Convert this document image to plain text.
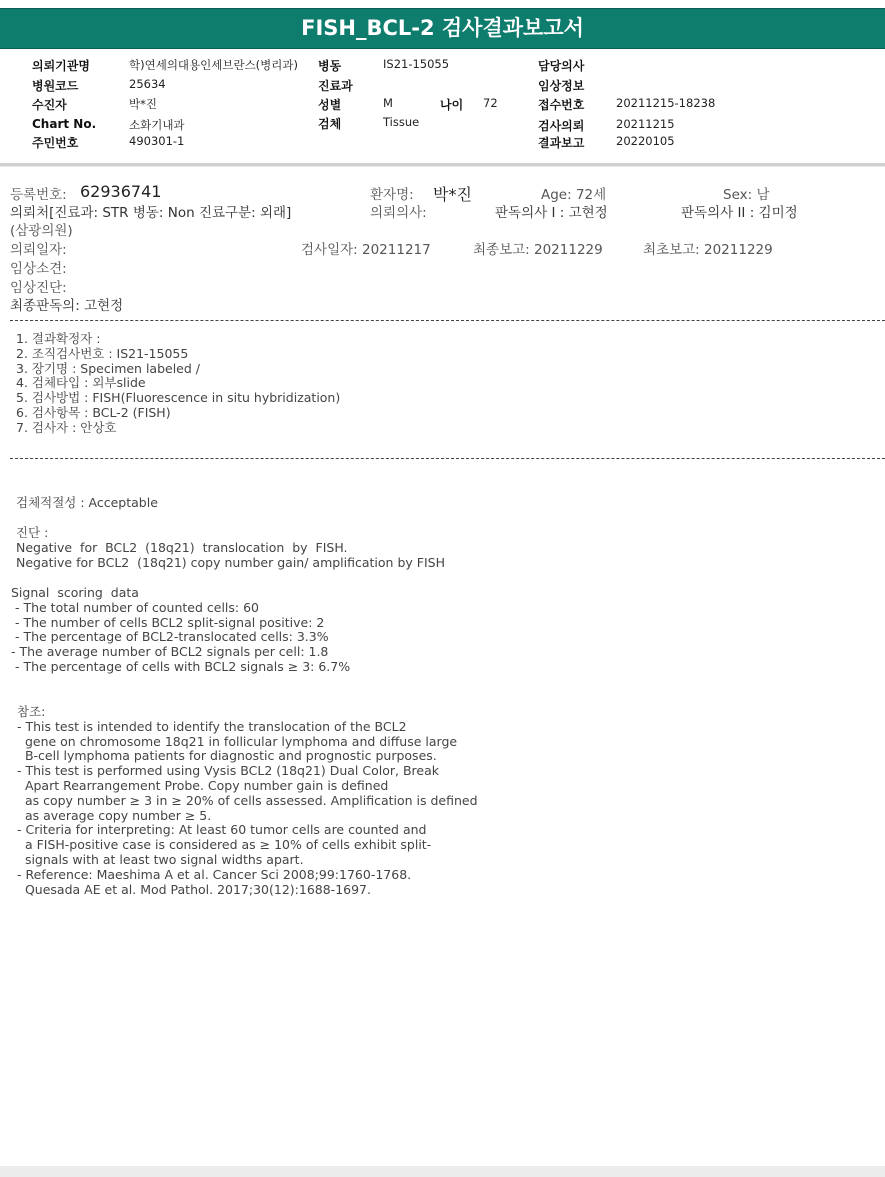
FISH_BCL-2 검사결과보고서
의뢰기관명	학)연세의대용인세브란스(병리과) 병동	IS21-15055	담당의사
병원코드	25634	진료과	임상정보
수진자	박*진	성별	M	나이 72	접수번호	20211215-18238
Chart No.	소화기내과	검체	Tissue	검사의뢰	20211215
주민번호	490301-1	결과보고	20220105
등록번호: 62936741	환자명: 박*진	Age: 72세	Sex: 남
의뢰처[진료과: STR 병동: Non 진료구분: 외래]	의뢰의사:	판독의사 I : 고현정	판독의사 II : 김미정
(삼광의원)
의뢰일자:	검사일자: 20211217	최종보고: 20211229	최초보고: 20211229
임상소견:
임상진단:
최종판독의: 고현정
1. 결과확정자 :
2. 조직검사번호 : IS21-15055
3. 장기명 : Specimen labeled /
4. 검체타입 : 외부slide
5. 검사방법 : FISH(Fluorescence in situ hybridization)
6. 검사항목 : BCL-2 (FISH)
7. 검사자 : 안상호
검체적절성 : Acceptable
진단 :
Negative  for  BCL2  (18q21)  translocation  by  FISH.
Negative for BCL2  (18q21) copy number gain/ amplification by FISH
Signal  scoring  data
- The total number of counted cells: 60
- The number of cells BCL2 split-signal positive: 2
- The percentage of BCL2-translocated cells: 3.3%
- The average number of BCL2 signals per cell: 1.8
- The percentage of cells with BCL2 signals ≥ 3: 6.7%
참조:
- This test is intended to identify the translocation of the BCL2
gene on chromosome 18q21 in follicular lymphoma and diffuse large
B-cell lymphoma patients for diagnostic and prognostic purposes.
- This test is performed using Vysis BCL2 (18q21) Dual Color, Break
Apart Rearrangement Probe. Copy number gain is defined
as copy number ≥ 3 in ≥ 20% of cells assessed. Amplification is defined
as average copy number ≥ 5.
- Criteria for interpreting: At least 60 tumor cells are counted and
a FISH-positive case is considered as ≥ 10% of cells exhibit split-
signals with at least two signal widths apart.
- Reference: Maeshima A et al. Cancer Sci 2008;99:1760-1768.
Quesada AE et al. Mod Pathol. 2017;30(12):1688-1697.
